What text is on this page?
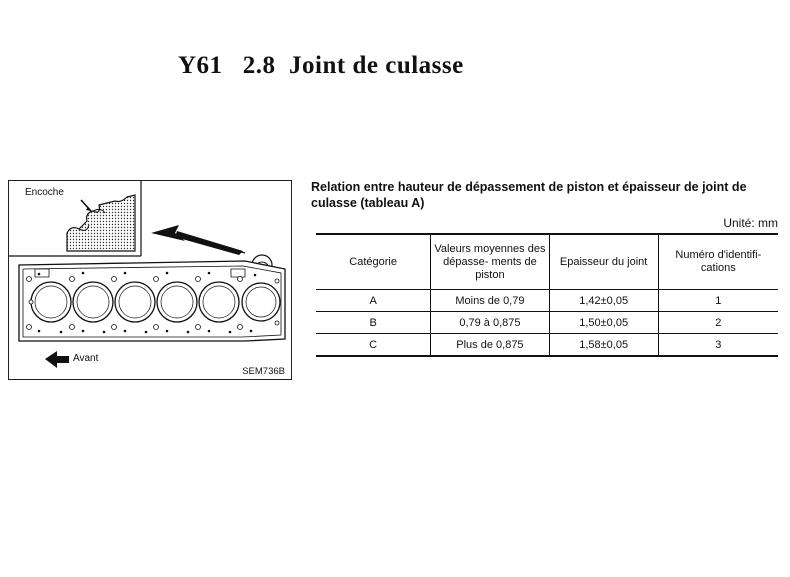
Y61   2.8  Joint de culasse
Encoche
Avant
SEM736B
Relation entre hauteur de dépassement de piston et épaisseur de joint de culasse (tableau A)
Unité: mm
Catégorie	Valeurs moyennes des dépasse- ments de piston	Epaisseur du joint	Numéro d'identifi- cations
A	Moins de 0,79	1,42±0,05	1
B	0,79 à 0,875	1,50±0,05	2
C	Plus de 0,875	1,58±0,05	3
